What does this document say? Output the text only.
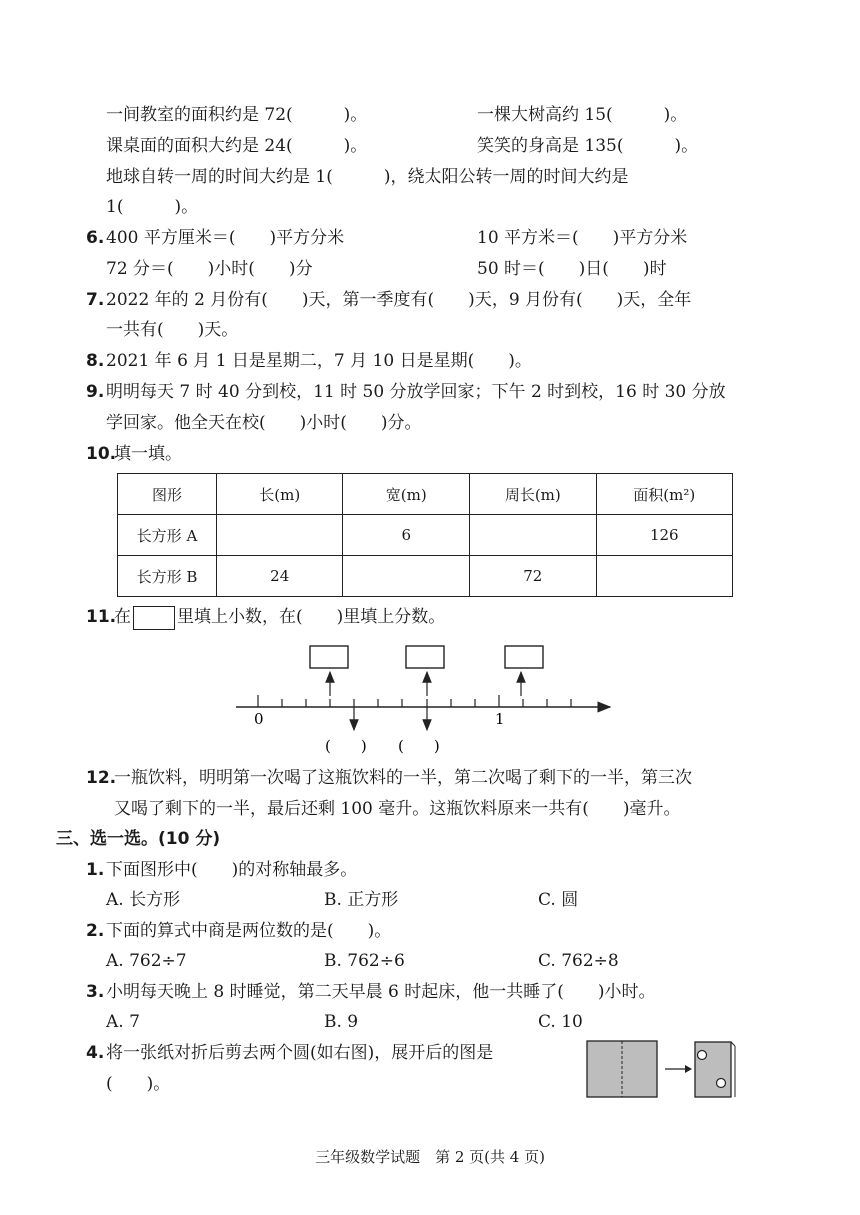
一间教室的面积约是 72(　　　)。	一棵大树高约 15(　　　)。
课桌面的面积大约是 24(　　　)。	笑笑的身高是 135(　　　)。
地球自转一周的时间大约是 1(　　　)，绕太阳公转一周的时间大约是
1(　　　)。
6. 400 平方厘米＝(　　)平方分米	10 平方米＝(　　)平方分米
72 分＝(　　)小时(　　)分	50 时＝(　　)日(　　)时
7. 2022 年的 2 月份有(　　)天，第一季度有(　　)天，9 月份有(　　)天，全年
一共有(　　)天。
8. 2021 年 6 月 1 日是星期二，7 月 10 日是星期(　　)。
9. 明明每天 7 时 40 分到校，11 时 50 分放学回家；下午 2 时到校，16 时 30 分放
学回家。他全天在校(　　)小时(　　)分。
10.
填一填。
图形	长(m)	宽(m)	周长(m)	面积(m²)
长方形 A		6		126
长方形 B	24		72	
11.
在	里填上小数，在(　　)里填上分数。
0	1
(　　) (　　)
12.
一瓶饮料，明明第一次喝了这瓶饮料的一半，第二次喝了剩下的一半，第三次
又喝了剩下的一半，最后还剩 100 毫升。这瓶饮料原来一共有(　　)毫升。
三、选一选。(10 分)
1. 下面图形中(　　)的对称轴最多。
A. 长方形	B. 正方形	C. 圆
2. 下面的算式中商是两位数的是(　　)。
A. 762÷7	B. 762÷6	C. 762÷8
3. 小明每天晚上 8 时睡觉，第二天早晨 6 时起床，他一共睡了(　　)小时。
A. 7	B. 9	C. 10
4. 将一张纸对折后剪去两个圆(如右图)，展开后的图是
(　　)。
三年级数学试题　第 2 页(共 4 页)
